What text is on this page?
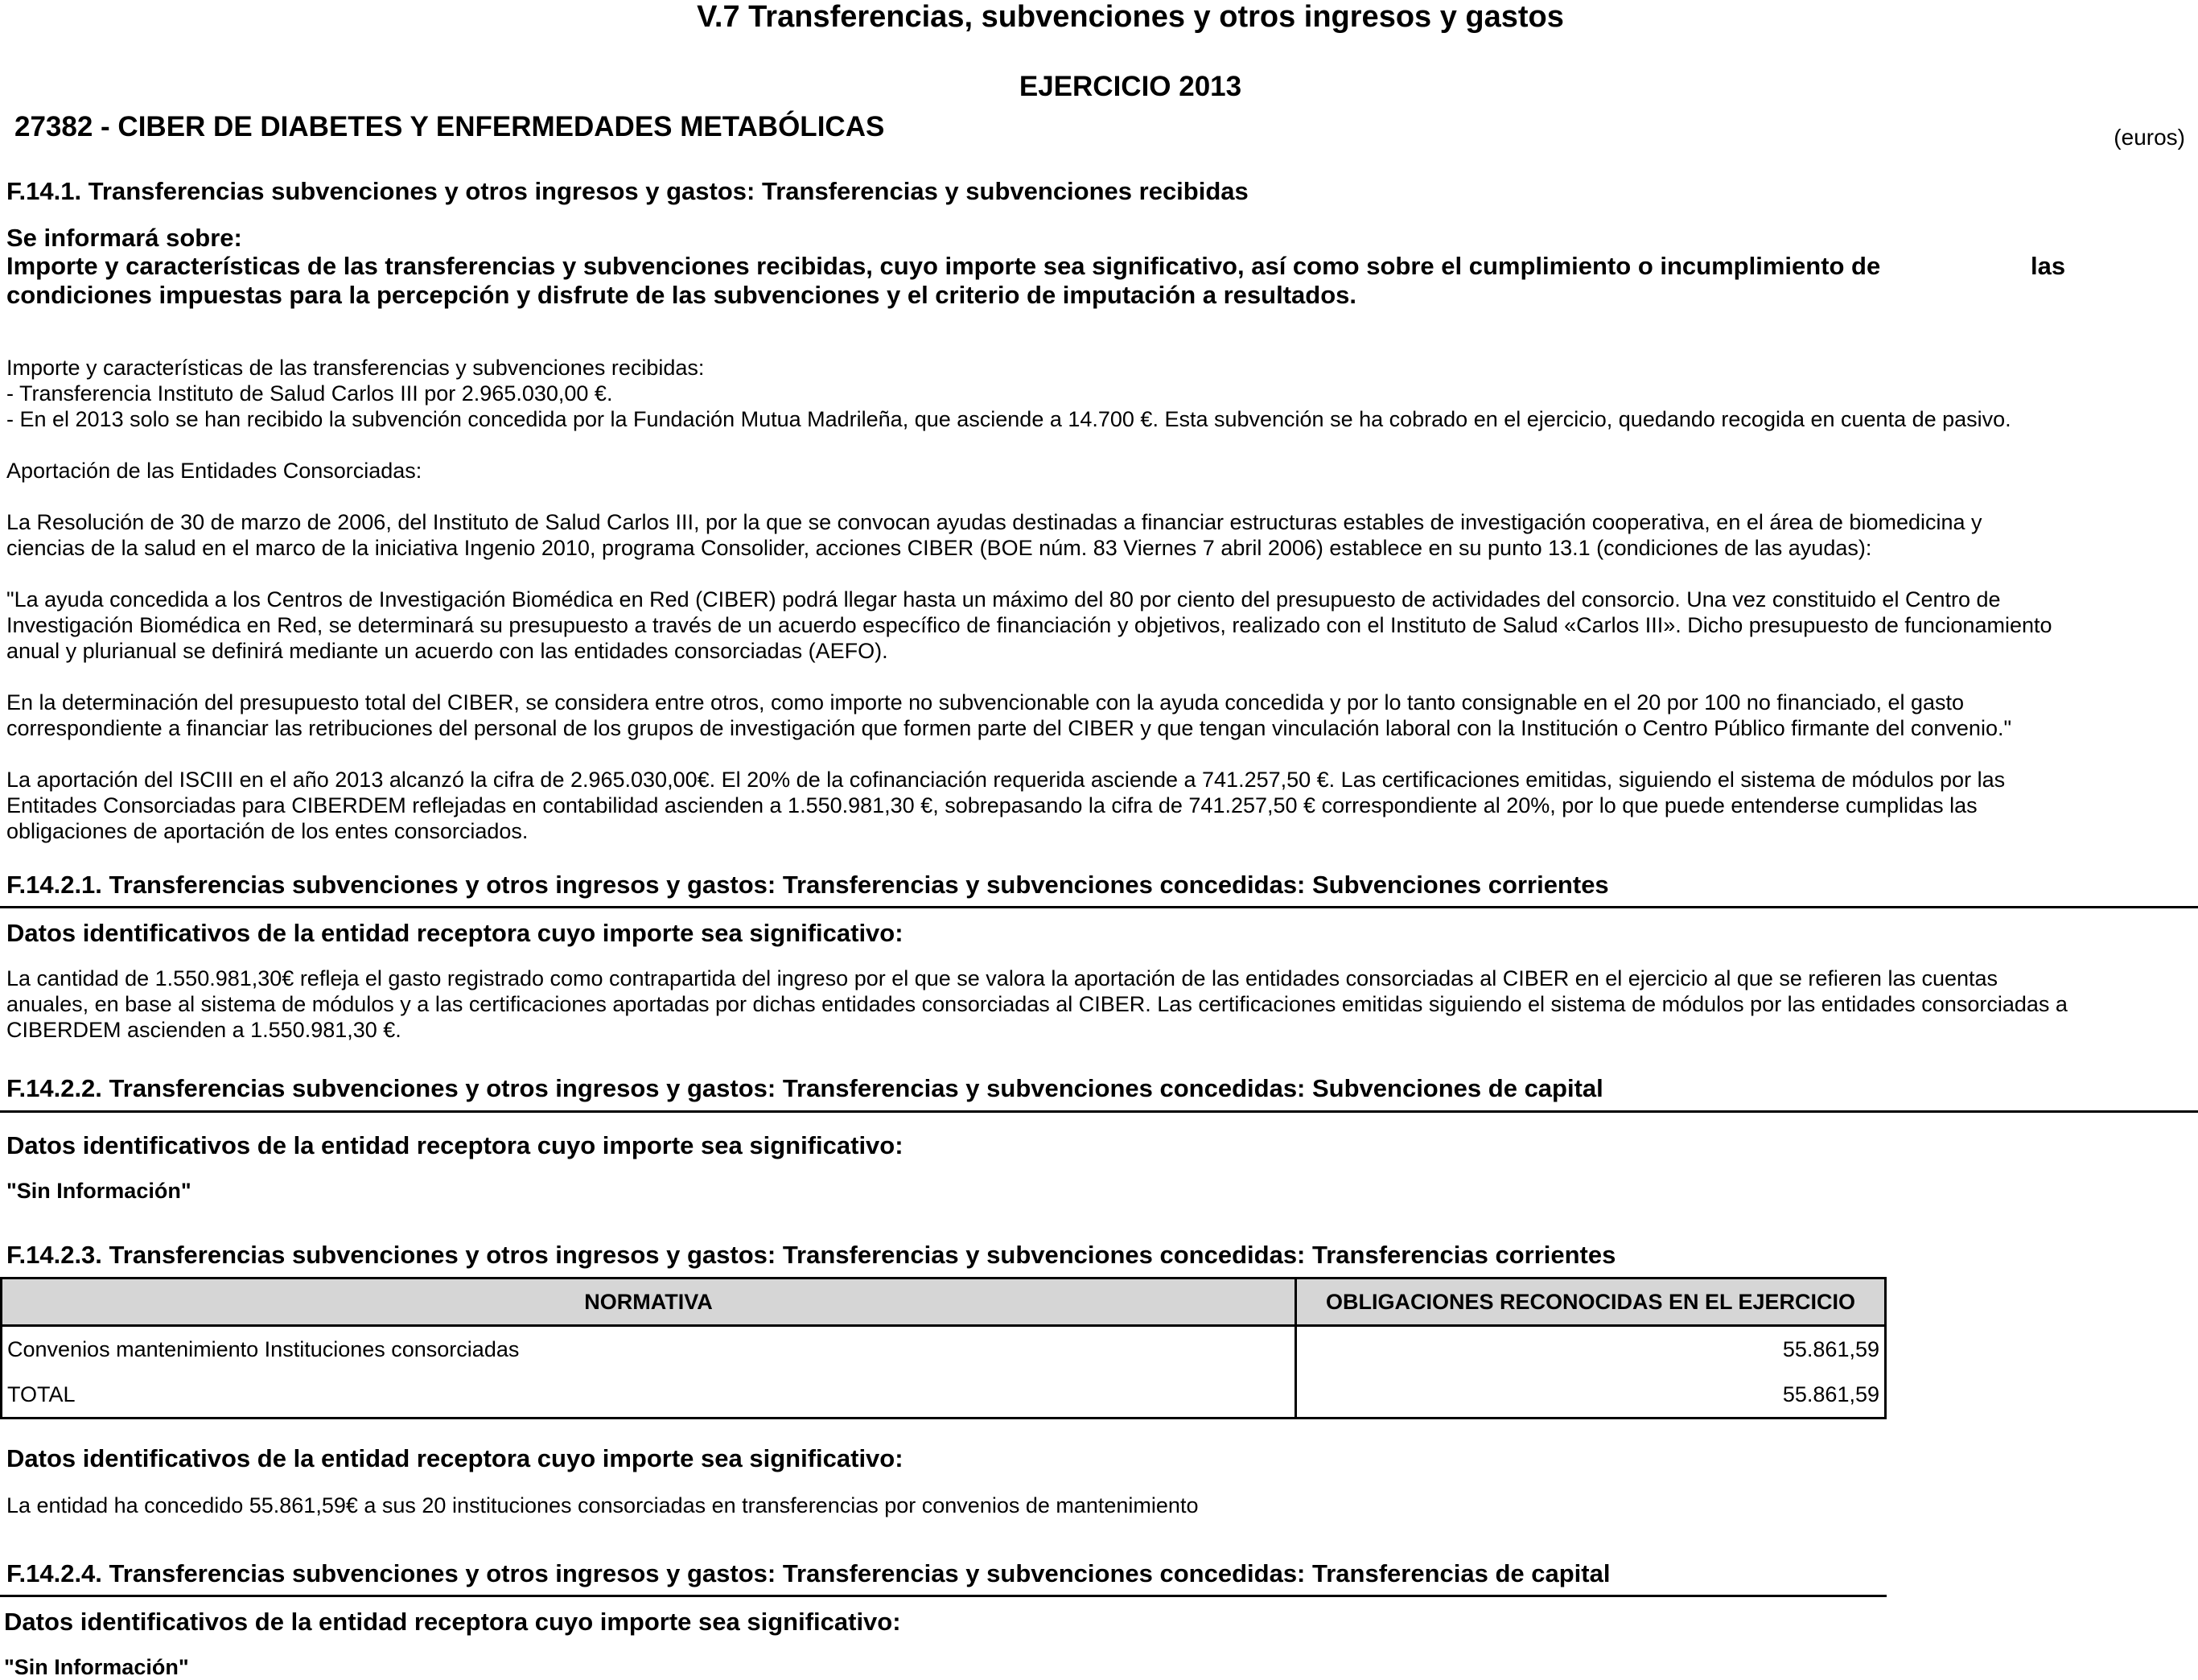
V.7 Transferencias, subvenciones y otros ingresos y gastos
EJERCICIO 2013
27382 - CIBER DE DIABETES Y ENFERMEDADES METABÓLICAS	(euros)
F.14.1. Transferencias subvenciones y otros ingresos y gastos: Transferencias y subvenciones recibidas
Se informará sobre:
Importe y características de las transferencias y subvenciones recibidas, cuyo importe sea significativo, así como sobre el cumplimiento o incumplimiento de	las
condiciones impuestas para la percepción y disfrute de las subvenciones y el criterio de imputación a resultados.
Importe y características de las transferencias y subvenciones recibidas:
- Transferencia Instituto de Salud Carlos III por 2.965.030,00 €.
- En el 2013 solo se han recibido la subvención concedida por la Fundación Mutua Madrileña, que asciende a 14.700 €. Esta subvención se ha cobrado en el ejercicio, quedando recogida en cuenta de pasivo.
Aportación de las Entidades Consorciadas:
La Resolución de 30 de marzo de 2006, del Instituto de Salud Carlos III, por la que se convocan ayudas destinadas a financiar estructuras estables de investigación cooperativa, en el área de biomedicina y
ciencias de la salud en el marco de la iniciativa Ingenio 2010, programa Consolider, acciones CIBER (BOE núm. 83 Viernes 7 abril 2006) establece en su punto 13.1 (condiciones de las ayudas):
"La ayuda concedida a los Centros de Investigación Biomédica en Red (CIBER) podrá llegar hasta un máximo del 80 por ciento del presupuesto de actividades del consorcio. Una vez constituido el Centro de
Investigación Biomédica en Red, se determinará su presupuesto a través de un acuerdo específico de financiación y objetivos, realizado con el Instituto de Salud «Carlos III». Dicho presupuesto de funcionamiento
anual y plurianual se definirá mediante un acuerdo con las entidades consorciadas (AEFO).
En la determinación del presupuesto total del CIBER, se considera entre otros, como importe no subvencionable con la ayuda concedida y por lo tanto consignable en el 20 por 100 no financiado, el gasto
correspondiente a financiar las retribuciones del personal de los grupos de investigación que formen parte del CIBER y que tengan vinculación laboral con la Institución o Centro Público firmante del convenio."
La aportación del ISCIII en el año 2013 alcanzó la cifra de 2.965.030,00€. El 20% de la cofinanciación requerida asciende a 741.257,50 €. Las certificaciones emitidas, siguiendo el sistema de módulos por las
Entitades Consorciadas para CIBERDEM reflejadas en contabilidad ascienden a 1.550.981,30 €, sobrepasando la cifra de 741.257,50 € correspondiente al 20%, por lo que puede entenderse cumplidas las
obligaciones de aportación de los entes consorciados.
F.14.2.1. Transferencias subvenciones y otros ingresos y gastos: Transferencias y subvenciones concedidas: Subvenciones corrientes
Datos identificativos de la entidad receptora cuyo importe sea significativo:
La cantidad de 1.550.981,30€ refleja el gasto registrado como contrapartida del ingreso por el que se valora la aportación de las entidades consorciadas al CIBER en el ejercicio al que se refieren las cuentas
anuales, en base al sistema de módulos y a las certificaciones aportadas por dichas entidades consorciadas al CIBER. Las certificaciones emitidas siguiendo el sistema de módulos por las entidades consorciadas a
CIBERDEM ascienden a 1.550.981,30 €.
F.14.2.2. Transferencias subvenciones y otros ingresos y gastos: Transferencias y subvenciones concedidas: Subvenciones de capital
Datos identificativos de la entidad receptora cuyo importe sea significativo:
"Sin Información"
F.14.2.3. Transferencias subvenciones y otros ingresos y gastos: Transferencias y subvenciones concedidas: Transferencias corrientes
NORMATIVA	OBLIGACIONES RECONOCIDAS EN EL EJERCICIO
Convenios mantenimiento Instituciones consorciadas	55.861,59
TOTAL	55.861,59
Datos identificativos de la entidad receptora cuyo importe sea significativo:
La entidad ha concedido 55.861,59€ a sus 20 instituciones consorciadas en transferencias por convenios de mantenimiento
F.14.2.4. Transferencias subvenciones y otros ingresos y gastos: Transferencias y subvenciones concedidas: Transferencias de capital
Datos identificativos de la entidad receptora cuyo importe sea significativo:
"Sin Información"
